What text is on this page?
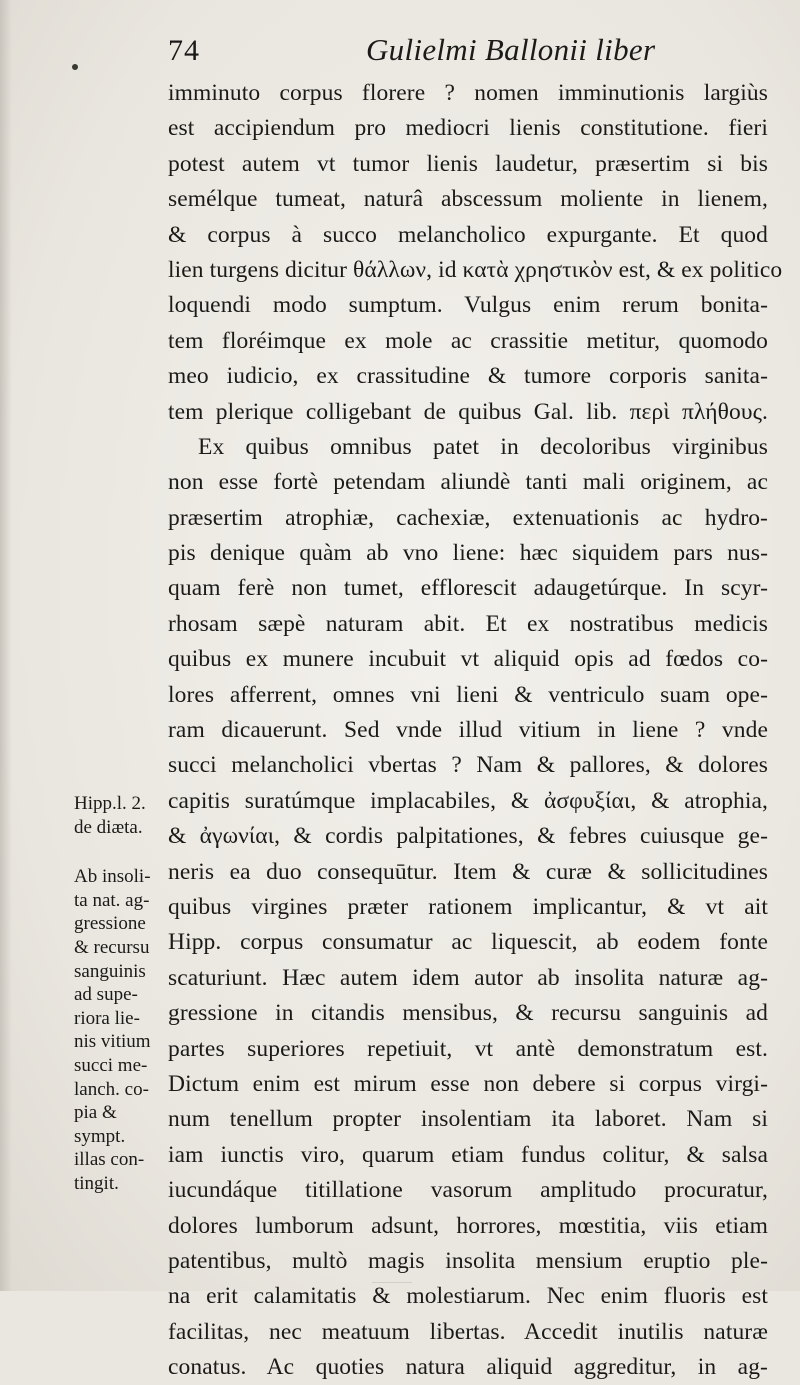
74	Gulielmi Ballonii liber
imminuto corpus florere ? nomen imminutionis largiùs
est accipiendum pro mediocri lienis constitutione. fieri
potest autem vt tumor lienis laudetur, præsertim si bis
semélque tumeat, naturâ abscessum moliente in lienem,
& corpus à succo melancholico expurgante. Et quod
lien turgens dicitur θάλλων, id κατὰ χρηστικὸν est, & ex politico
loquendi modo sumptum. Vulgus enim rerum bonita-
tem floréimque ex mole ac crassitie metitur, quomodo
meo iudicio, ex crassitudine & tumore corporis sanita-
tem plerique colligebant de quibus Gal. lib. περὶ πλήθους.
Ex quibus omnibus patet in decoloribus virginibus
non esse fortè petendam aliundè tanti mali originem, ac
præsertim atrophiæ, cachexiæ, extenuationis ac hydro-
pis denique quàm ab vno liene: hæc siquidem pars nus-
quam ferè non tumet, efflorescit adaugetúrque. In scyr-
rhosam sæpè naturam abit. Et ex nostratibus medicis
quibus ex munere incubuit vt aliquid opis ad fœdos co-
lores afferrent, omnes vni lieni & ventriculo suam ope-
ram dicauerunt. Sed vnde illud vitium in liene ? vnde
succi melancholici vbertas ? Nam & pallores, & dolores
capitis suratúmque implacabiles, & ἀσφυξίαι, & atrophia,
& ἀγωνίαι, & cordis palpitationes, & febres cuiusque ge-
neris ea duo consequūtur. Item & curæ & sollicitudines
quibus virgines præter rationem implicantur, & vt ait
Hipp. corpus consumatur ac liquescit, ab eodem fonte
scaturiunt. Hæc autem idem autor ab insolita naturæ ag-
gressione in citandis mensibus, & recursu sanguinis ad
partes superiores repetiuit, vt antè demonstratum est.
Dictum enim est mirum esse non debere si corpus virgi-
num tenellum propter insolentiam ita laboret. Nam si
iam iunctis viro, quarum etiam fundus colitur, & salsa
iucundáque titillatione vasorum amplitudo procuratur,
dolores lumborum adsunt, horrores, mœstitia, viis etiam
patentibus, multò magis insolita mensium eruptio ple-
na erit calamitatis & molestiarum. Nec enim fluoris est
facilitas, nec meatuum libertas. Accedit inutilis naturæ
conatus. Ac quoties natura aliquid aggreditur, in ag-
Hipp.l. 2.
de diæta.
Ab insoli-
ta nat. ag-
gressione
& recursu
sanguinis
ad supe-
riora lie-
nis vitium
succi me-
lanch. co-
pia &
sympt.
illas con-
tingit.
